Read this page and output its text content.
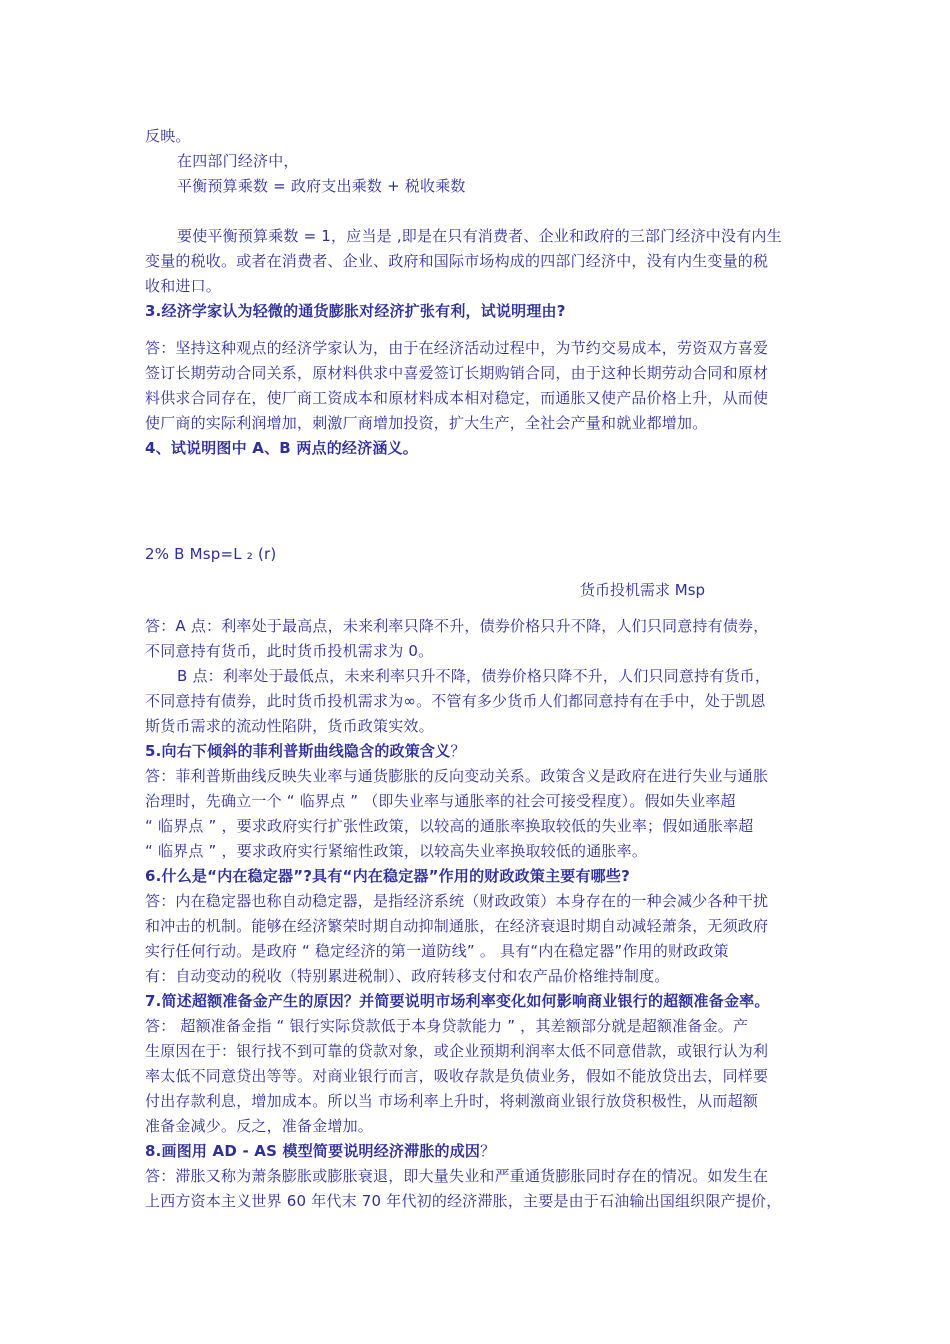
反映。
在四部门经济中，
平衡预算乘数 = 政府支出乘数 + 税收乘数
要使平衡预算乘数 = 1，应当是 ,即是在只有消费者、企业和政府的三部门经济中没有内生
变量的税收。或者在消费者、企业、政府和国际市场构成的四部门经济中，没有内生变量的税
收和进口。
3.经济学家认为轻微的通货膨胀对经济扩张有利，试说明理由?
答：坚持这种观点的经济学家认为，由于在经济活动过程中，为节约交易成本，劳资双方喜爱
签订长期劳动合同关系，原材料供求中喜爱签订长期购销合同，由于这种长期劳动合同和原材
料供求合同存在，使厂商工资成本和原材料成本相对稳定，而通胀又使产品价格上升，从而使
使厂商的实际利润增加，刺激厂商增加投资，扩大生产，全社会产量和就业都增加。
4、试说明图中 A、B 两点的经济涵义。
2% B Msp=L ₂ (r)
货币投机需求 Msp
答：A 点：利率处于最高点，未来利率只降不升，债券价格只升不降，人们只同意持有债券，
不同意持有货币，此时货币投机需求为 0。
B 点：利率处于最低点，未来利率只升不降，债券价格只降不升，人们只同意持有货币，
不同意持有债券，此时货币投机需求为∞。不管有多少货币人们都同意持有在手中，处于凯恩
斯货币需求的流动性陷阱，货币政策实效。
5.向右下倾斜的菲利普斯曲线隐含的政策含义？
答：菲利普斯曲线反映失业率与通货膨胀的反向变动关系。政策含义是政府在进行失业与通胀
治理时，先确立一个 “ 临界点 ” （即失业率与通胀率的社会可接受程度）。假如失业率超
“ 临界点 ” ，要求政府实行扩张性政策，以较高的通胀率换取较低的失业率；假如通胀率超
“ 临界点 ” ，要求政府实行紧缩性政策，以较高失业率换取较低的通胀率。
6.什么是“内在稳定器”?具有“内在稳定器”作用的财政政策主要有哪些?
答：内在稳定器也称自动稳定器，是指经济系统（财政政策）本身存在的一种会减少各种干扰
和冲击的机制。能够在经济繁荣时期自动抑制通胀，在经济衰退时期自动减轻萧条，无须政府
实行任何行动。是政府 “ 稳定经济的第一道防线” 。 具有“内在稳定器”作用的财政政策
有：自动变动的税收（特别累进税制）、政府转移支付和农产品价格维持制度。
7.简述超额准备金产生的原因？并简要说明市场利率变化如何影响商业银行的超额准备金率。
答： 超额准备金指 “ 银行实际贷款低于本身贷款能力 ” ，其差额部分就是超额准备金。产
生原因在于：银行找不到可靠的贷款对象，或企业预期利润率太低不同意借款，或银行认为利
率太低不同意贷出等等。对商业银行而言，吸收存款是负债业务，假如不能放贷出去，同样要
付出存款利息，增加成本。所以当 市场利率上升时，将刺激商业银行放贷积极性，从而超额
准备金减少。反之，准备金增加。
8.画图用 AD - AS 模型简要说明经济滞胀的成因？
答：滞胀又称为萧条膨胀或膨胀衰退，即大量失业和严重通货膨胀同时存在的情况。如发生在
上西方资本主义世界 60 年代末 70 年代初的经济滞胀，主要是由于石油输出国组织限产提价，
